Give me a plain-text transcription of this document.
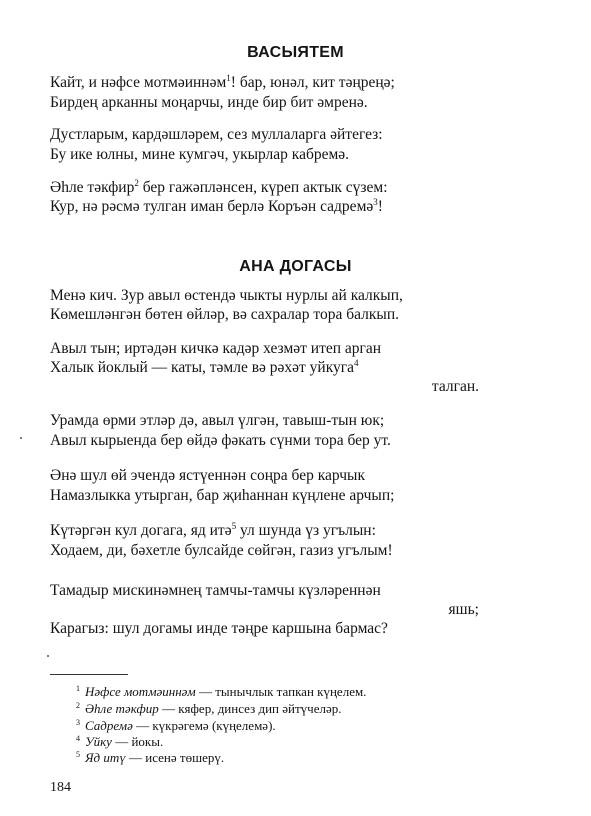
ВАСЫЯТЕМ
Кайт, и нәфсе мотмәиннәм$^1$! бар, юнәл, кит тәңреңә;
Бирдең арканны моңарчы, инде бир бит әмренә.
Дустларым, кардәшләрем, сез муллаларга әйтегез:
Бу ике юлны, мине кумгәч, укырлар кабремә.
Әһле тәкфир$^2$ бер гажәпләнсен, күреп актык сүзем:
Кур, нә рәсмә тулган иман берлә Коръән садремә$^3$!
АНА ДОГАСЫ
Менә кич. Зур авыл өстендә чыкты нурлы ай калкып,
Көмешләнгән бөтен өйләр, вә сахралар тора балкып.
Авыл тын; иртәдән кичкә кадәр хезмәт итеп арган
Халык йоклый — каты, тәмле вә рәхәт уйкуга$^4$
талган.
Урамда өрми этләр дә, авыл үлгән, тавыш-тын юк;
Авыл кырыенда бер өйдә фәкать сүнми тора бер ут.
Әнә шул өй эчендә ястүеннән соңра бер карчык
Намазлыкка утырган, бар җиһаннан күңлене арчып;
Күтәргән кул догага, яд итә$^5$ ул шунда үз угълын:
Ходаем, ди, бәхетле булсайде сөйгән, газиз угълым!
Тамадыр мискинәмнең тамчы-тамчы күзләреннән
яшь;
Карагыз: шул догамы инде тәңре каршына бармас?
$^1$ Нәфсе мотмәиннәм — тынычлык тапкан күңелем.
$^2$ Әһле тәкфир — кяфер, динсез дип әйтүчеләр.
$^3$ Садремә — күкрәгемә (күңелемә).
$^4$ Уйку — йокы.
$^5$ Яд итү — исенә төшерү.
184
